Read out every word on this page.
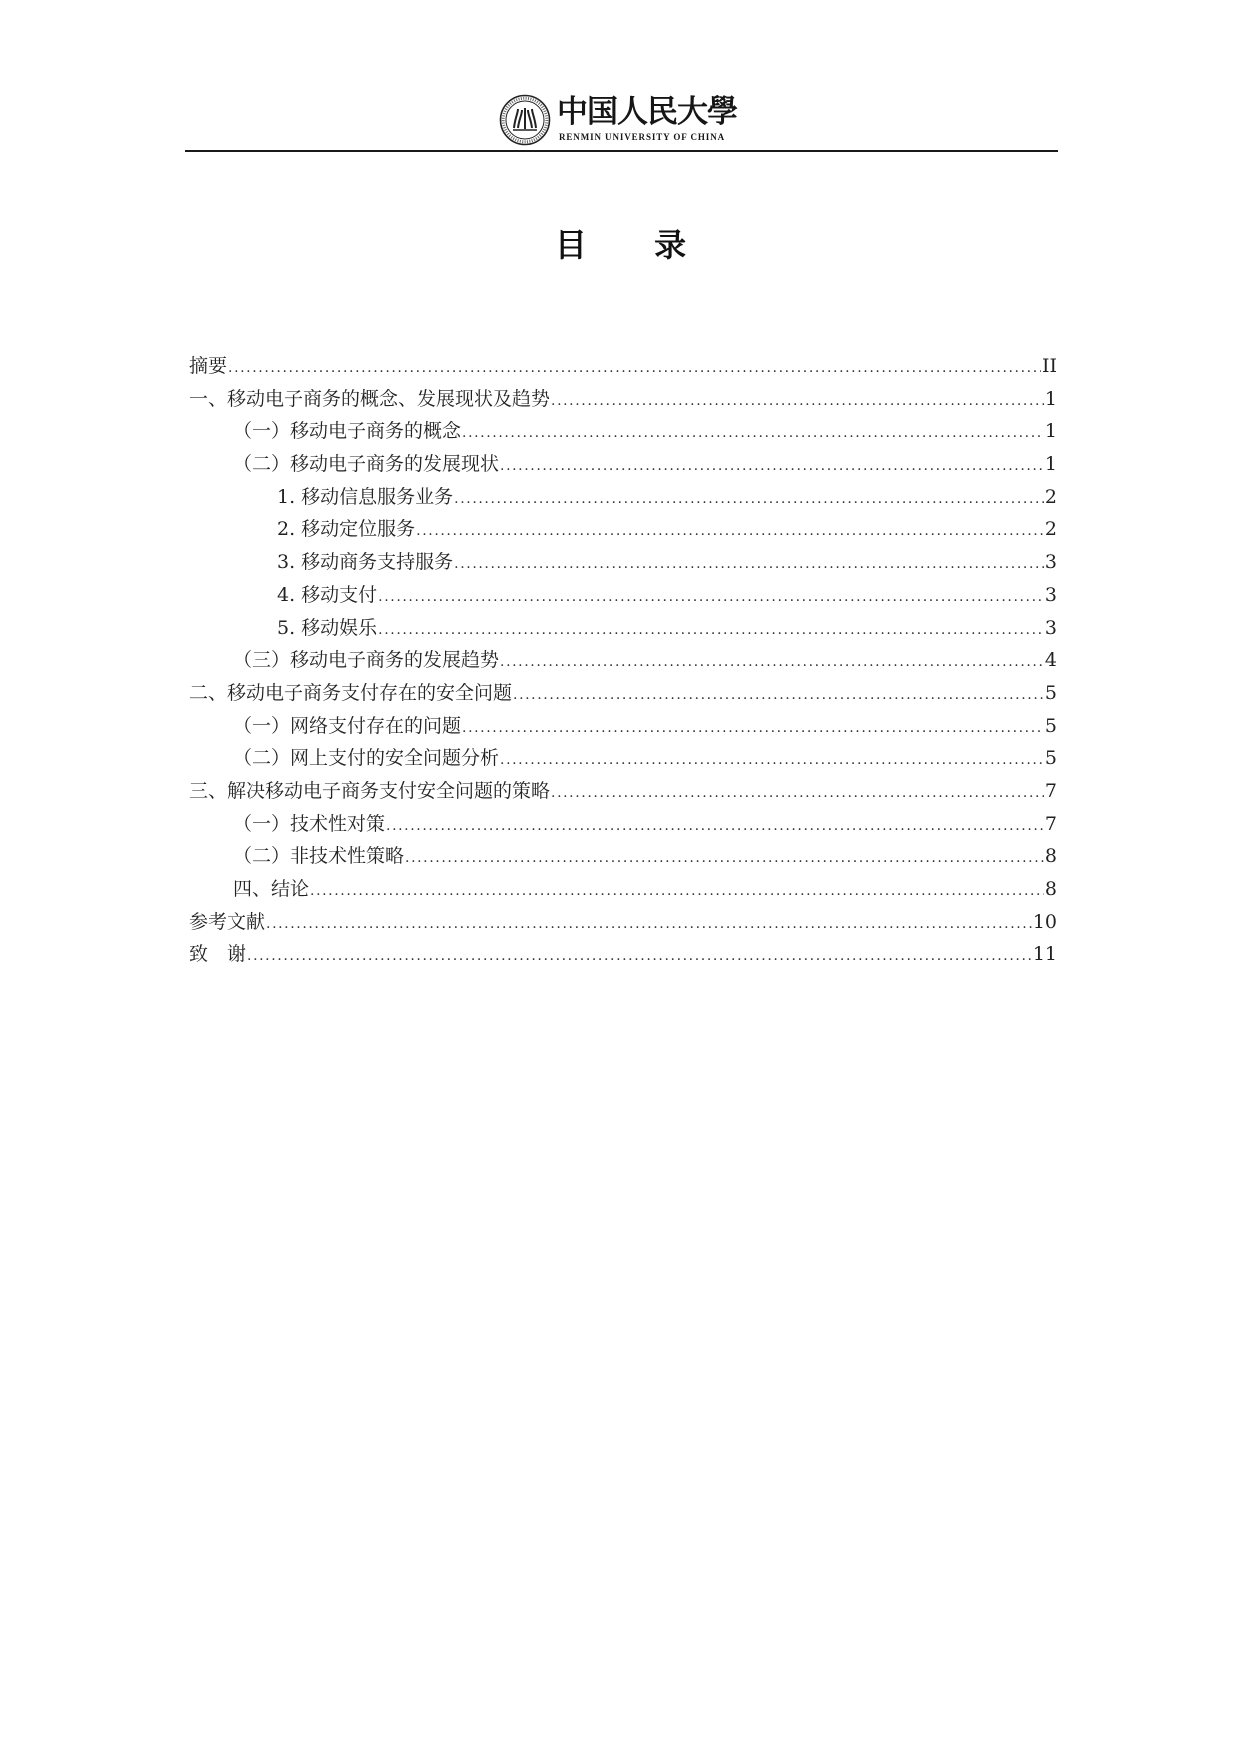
中国人民大學
RENMIN UNIVERSITY OF CHINA
目 录
摘要 .....	II
一、移动电子商务的概念、发展现状及趋势 .....	1
（一）移动电子商务的概念 .....	1
（二）移动电子商务的发展现状 .....	1
1. 移动信息服务业务 .....	2
2. 移动定位服务 .....	2
3. 移动商务支持服务 .....	3
4. 移动支付 .....	3
5. 移动娱乐 .....	3
（三）移动电子商务的发展趋势 .....	4
二、移动电子商务支付存在的安全问题 .....	5
（一）网络支付存在的问题 .....	5
（二）网上支付的安全问题分析 .....	5
三、解决移动电子商务支付安全问题的策略 .....	7
（一）技术性对策 .....	7
（二）非技术性策略 .....	8
四、结论 .....	8
参考文献 .....	10
致　谢 .....	11
